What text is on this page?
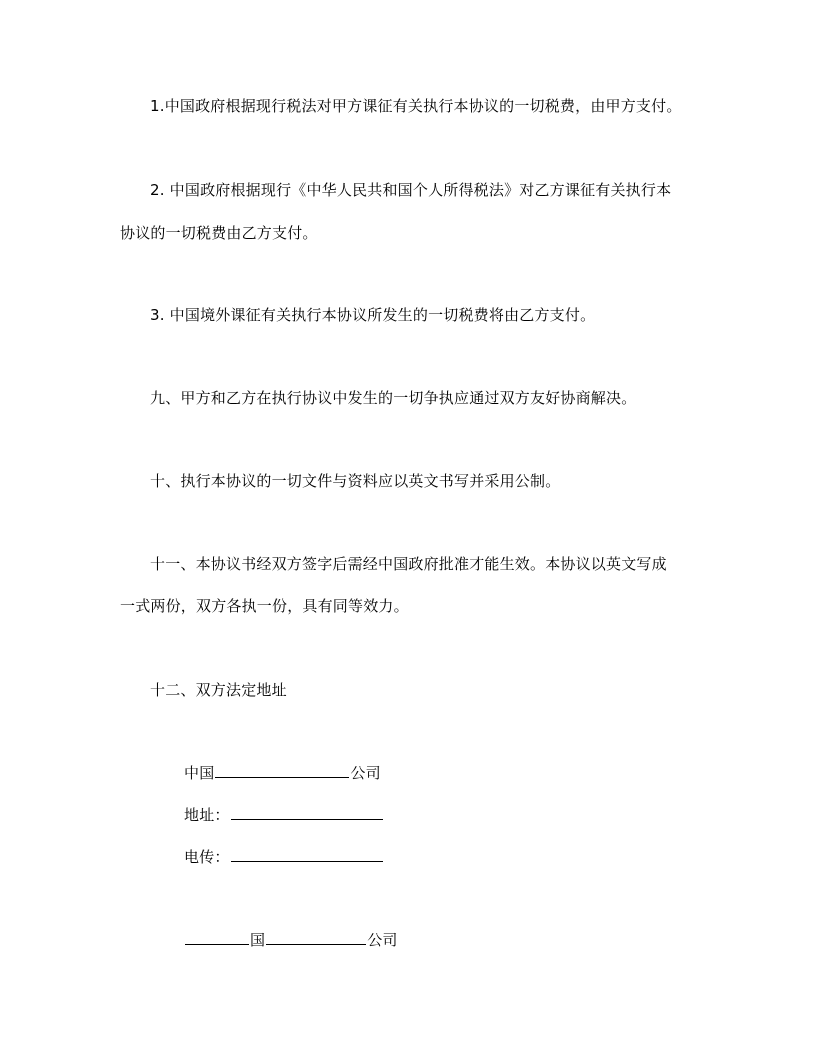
1.中国政府根据现行税法对甲方课征有关执行本协议的一切税费，由甲方支付。
2. 中国政府根据现行《中华人民共和国个人所得税法》对乙方课征有关执行本
协议的一切税费由乙方支付。
3. 中国境外课征有关执行本协议所发生的一切税费将由乙方支付。
九、甲方和乙方在执行协议中发生的一切争执应通过双方友好协商解决。
十、执行本协议的一切文件与资料应以英文书写并采用公制。
十一、本协议书经双方签字后需经中国政府批准才能生效。本协议以英文写成
一式两份，双方各执一份，具有同等效力。
十二、双方法定地址
中国	公司
地址：
电传：
国	公司
